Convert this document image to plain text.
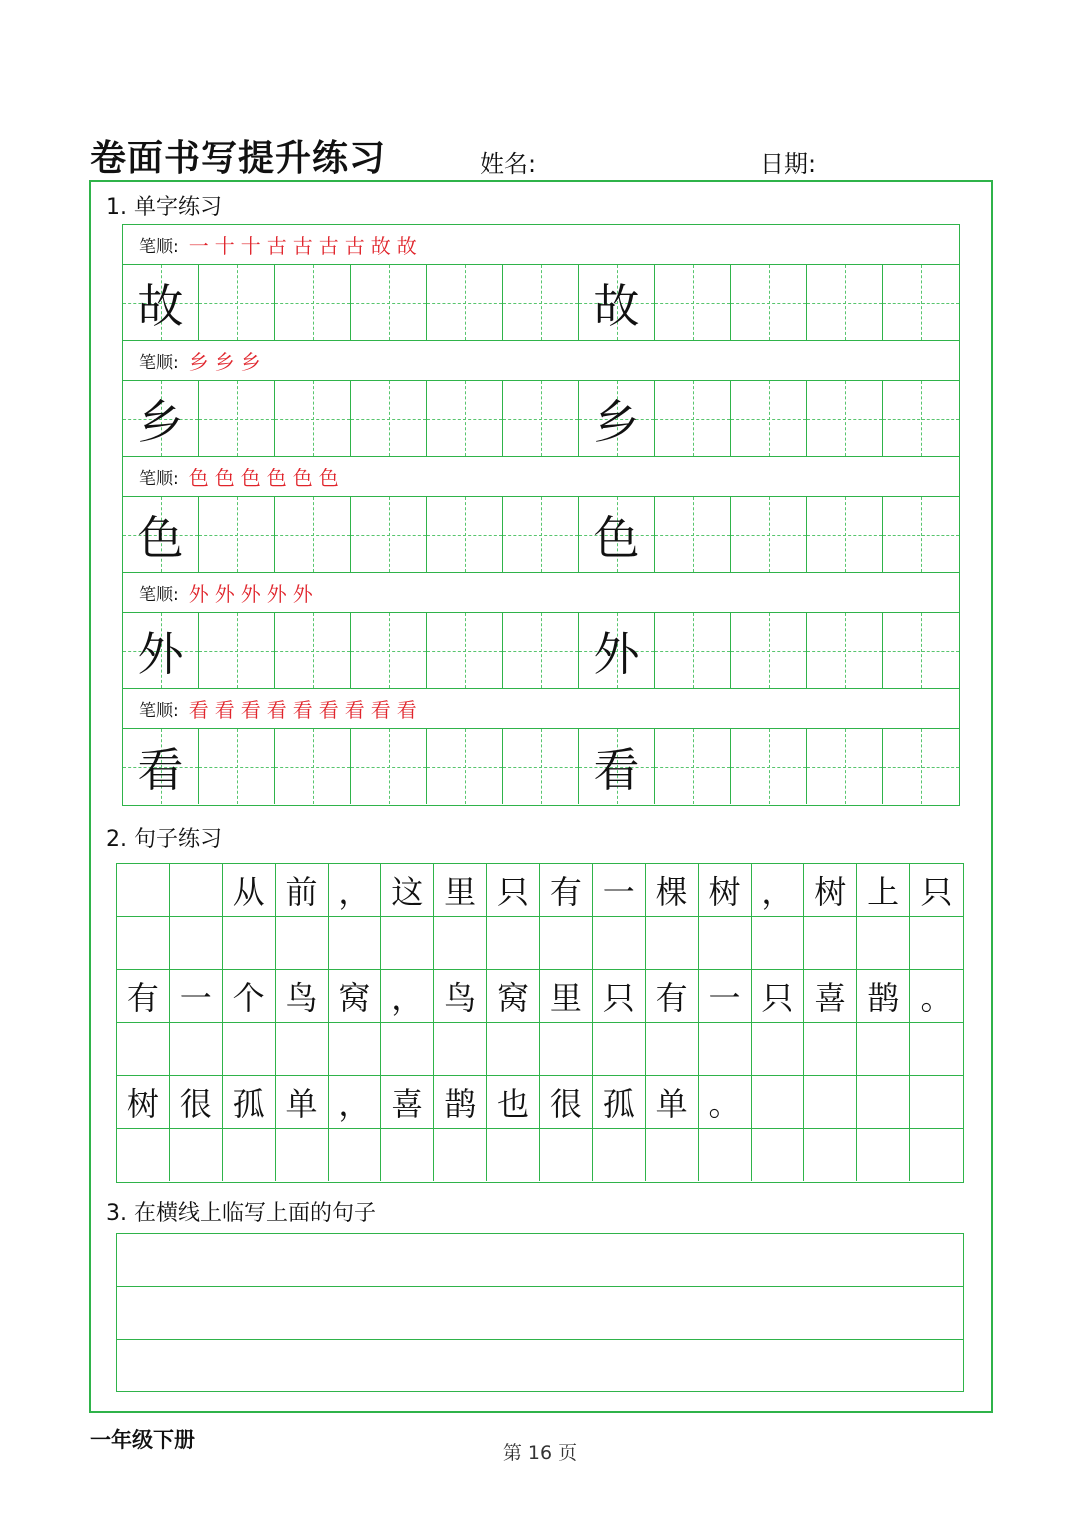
卷面书写提升练习	姓名:	日期:
1. 单字练习
笔顺: 一十十古古古古故故
故	故
笔顺: 乡乡乡
乡	乡
笔顺: 色色色色色色
色	色
笔顺: 外外外外外
外	外
笔顺: 看看看看看看看看看
看	看
2. 句子练习
从 前 ， 这 里 只 有 一 棵 树 ， 树 上 只
有 一 个 鸟 窝 ， 鸟 窝 里 只 有 一 只 喜 鹊 。
树 很 孤 单 ， 喜 鹊 也 很 孤 单 。
3. 在横线上临写上面的句子
一年级下册
第 16 页
